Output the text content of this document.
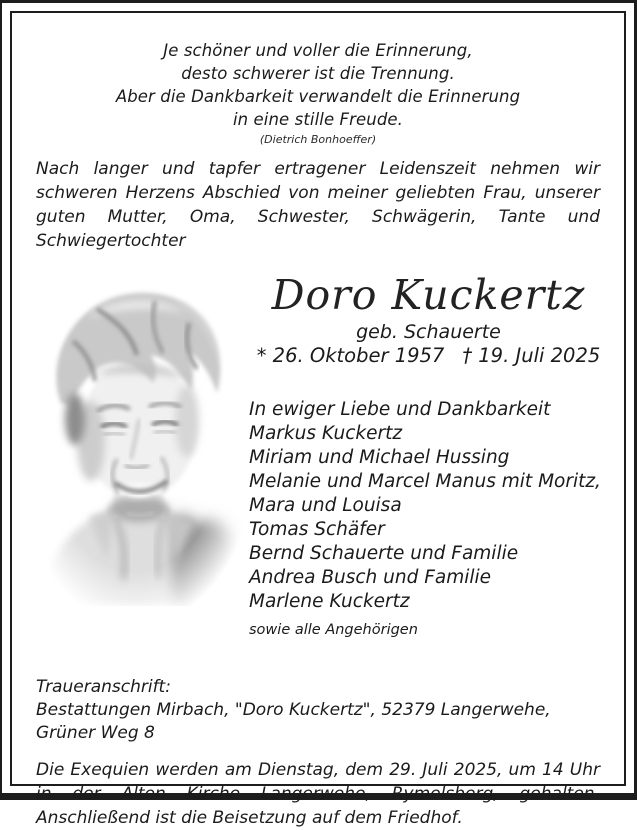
Je schöner und voller die Erinnerung,
desto schwerer ist die Trennung.
Aber die Dankbarkeit verwandelt die Erinnerung
in eine stille Freude.
(Dietrich Bonhoeffer)

Nach langer und tapfer ertragener Leidenszeit nehmen wir schweren Herzens Abschied von meiner geliebten Frau, unserer guten Mutter, Oma, Schwester, Schwägerin, Tante und Schwiegertochter

Doro Kuckertz
geb. Schauerte
* 26. Oktober 1957 † 19. Juli 2025
In ewiger Liebe und Dankbarkeit
Markus Kuckertz
Miriam und Michael Hussing
Melanie und Marcel Manus mit Moritz,
Mara und Louisa
Tomas Schäfer
Bernd Schauerte und Familie
Andrea Busch und Familie
Marlene Kuckertz
sowie alle Angehörigen
Traueranschrift:
Bestattungen Mirbach, "Doro Kuckertz", 52379 Langerwehe, Grüner Weg 8

Die Exequien werden am Dienstag, dem 29. Juli 2025, um 14 Uhr in der Alten Kirche Langerwehe, Rymelsberg, gehalten. Anschließend ist die Beisetzung auf dem Friedhof.
